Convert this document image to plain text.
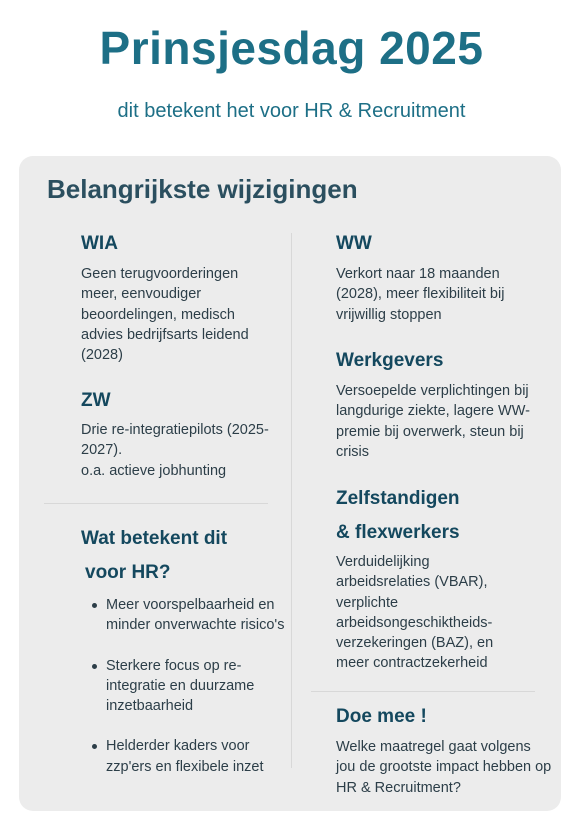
Prinsjesdag 2025
dit betekent het voor HR & Recruitment
Belangrijkste wijzigingen
WIA
Geen terugvoorderingen meer, eenvoudiger beoordelingen, medisch advies bedrijfsarts leidend (2028)
ZW
Drie re-integratiepilots (2025-2027).
o.a. actieve jobhunting
Wat betekent dit
voor HR?
Meer voorspelbaarheid en minder onverwachte risico's
Sterkere focus op re-integratie en duurzame inzetbaarheid
Helderder kaders voor zzp'ers en flexibele inzet
WW
Verkort naar 18 maanden (2028), meer flexibiliteit bij vrijwillig stoppen
Werkgevers
Versoepelde verplichtingen bij langdurige ziekte, lagere WW-premie bij overwerk, steun bij crisis
Zelfstandigen
& flexwerkers
Verduidelijking arbeidsrelaties (VBAR), verplichte arbeidsongeschiktheids-verzekeringen (BAZ), en meer contractzekerheid
Doe mee !
Welke maatregel gaat volgens jou de grootste impact hebben op HR & Recruitment?
